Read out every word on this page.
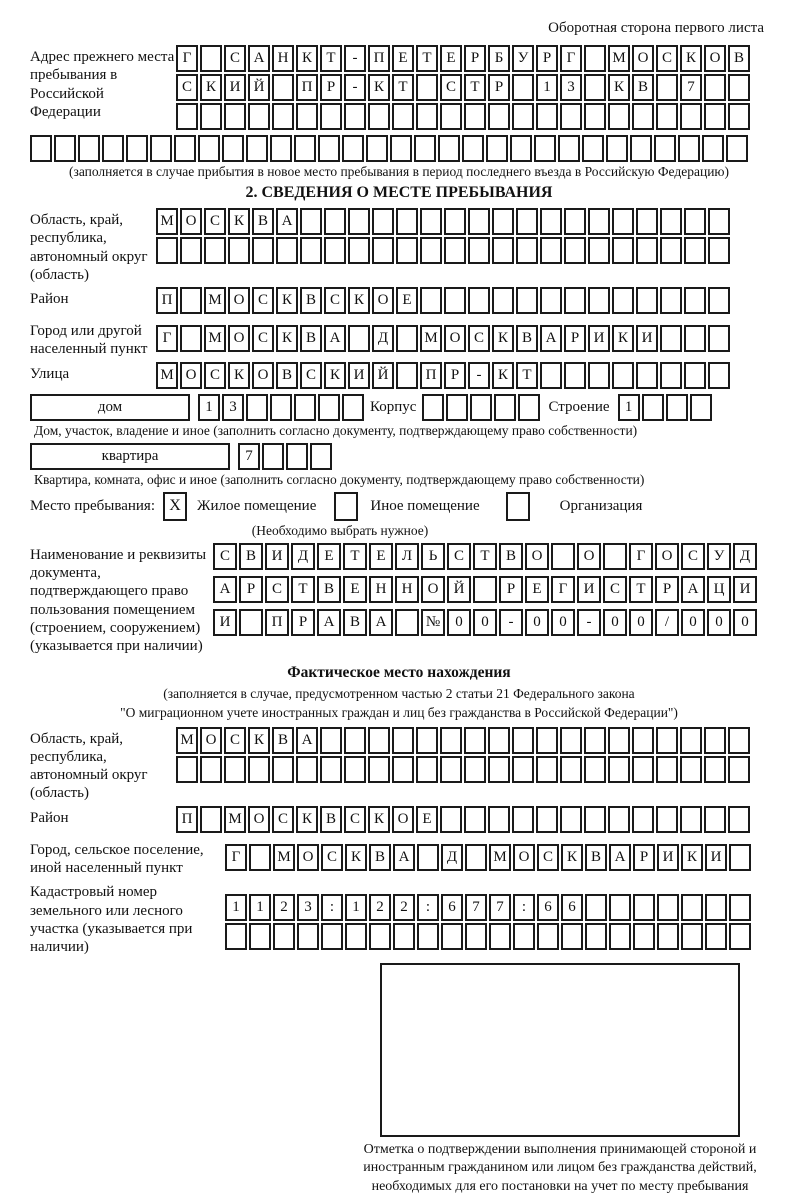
Оборотная сторона первого листа
Адрес прежнего места пребывания в Российской Федерации
Г	С А Н К Т - П Е Т Е Р Б У Р Г М О С К О В
С К И Й П Р - К Т	С Т Р	1 3	К В	7
(заполняется в случае прибытия в новое место пребывания в период последнего въезда в Российскую Федерацию)
2. СВЕДЕНИЯ О МЕСТЕ ПРЕБЫВАНИЯ
Область, край, республика, автономный округ (область)
М О С К В А
Район	П М О С К В С К О Е
Город или другой населенный пункт
Г М О С К В А Д М О С К В А Р И К И
Улица	М О С К О В С К И Й П Р - К Т
дом	1 3	Корпус	Строение 1
Дом, участок, владение и иное (заполнить согласно документу, подтверждающему право собственности)
квартира	7
Квартира, комната, офис и иное (заполнить согласно документу, подтверждающему право собственности)
Место пребывания: X	Жилое помещение	Иное помещение	Организация
(Необходимо выбрать нужное)
Наименование и реквизиты документа, подтверждающего право пользования помещением (строением, сооружением) (указывается при наличии)
С В И Д Е Т Е Л Ь С Т В О	О	Г О С У Д
А Р С Т В Е Н Н О Й	Р Е Г И С Т Р А Ц И
И	П Р А В А	№ 0 0 - 0 0 - 0 0 / 0 0 0
Фактическое место нахождения
(заполняется в случае, предусмотренном частью 2 статьи 21 Федерального закона
"О миграционном учете иностранных граждан и лиц без гражданства в Российской Федерации")
Область, край, республика, автономный округ (область)
М О С К В А
Район	П М О С К В С К О Е
Город, сельское поселение, иной населенный пункт
Г М О С К В А Д М О С К В А Р И К И
Кадастровый номер земельного или лесного участка (указывается при наличии)
1 1 2 3 : 1 2 2 : 6 7 7 : 6 6
Отметка о подтверждении выполнения принимающей стороной и иностранным гражданином или лицом без гражданства действий, необходимых для его постановки на учет по месту пребывания
